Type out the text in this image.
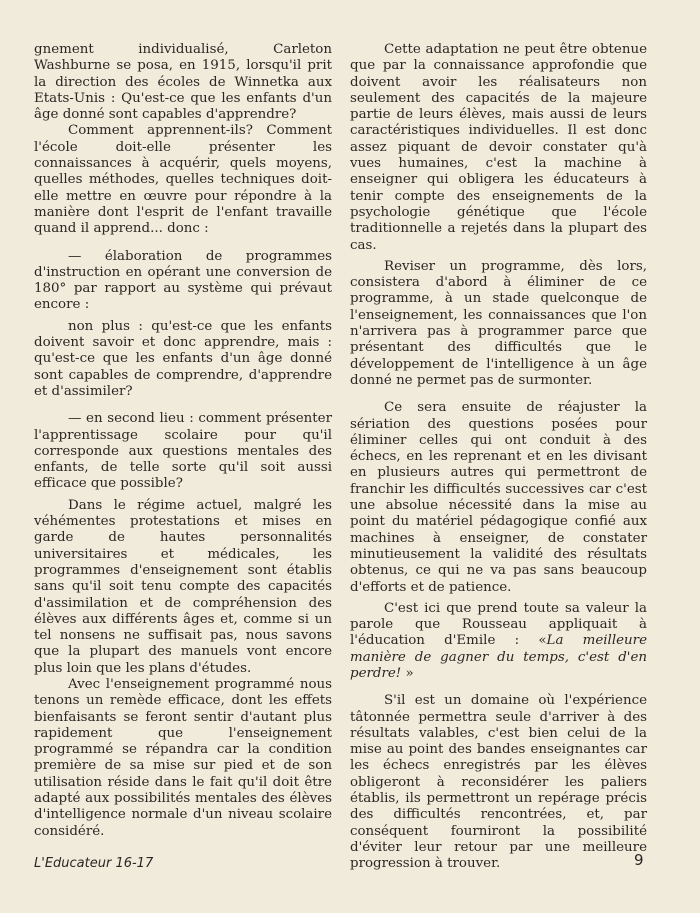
gnement individualisé, Carleton Washburne se posa, en 1915, lorsqu'il prit la direction des écoles de Winnetka aux Etats-Unis : Qu'est-ce que les enfants d'un âge donné sont capables d'apprendre?

Comment apprennent-ils? Comment l'école doit-elle présenter les connaissances à acquérir, quels moyens, quelles méthodes, quelles techniques doit-elle mettre en œuvre pour répondre à la manière dont l'esprit de l'enfant travaille quand il apprend... donc :

— élaboration de programmes d'instruction en opérant une conversion de 180° par rapport au système qui prévaut encore :

non plus : qu'est-ce que les enfants doivent savoir et donc apprendre, mais : qu'est-ce que les enfants d'un âge donné sont capables de comprendre, d'apprendre et d'assimiler?

— en second lieu : comment présenter l'apprentissage scolaire pour qu'il corresponde aux questions mentales des enfants, de telle sorte qu'il soit aussi efficace que possible?

Dans le régime actuel, malgré les véhémentes protestations et mises en garde de hautes personnalités universitaires et médicales, les programmes d'enseignement sont établis sans qu'il soit tenu compte des capacités d'assimilation et de compréhension des élèves aux différents âges et, comme si un tel nonsens ne suffisait pas, nous savons que la plupart des manuels vont encore plus loin que les plans d'études.

Avec l'enseignement programmé nous tenons un remède efficace, dont les effets bienfaisants se feront sentir d'autant plus rapidement que l'enseignement programmé se répandra car la condition première de sa mise sur pied et de son utilisation réside dans le fait qu'il doit être adapté aux possibilités mentales des élèves d'intelligence normale d'un niveau scolaire considéré.

Cette adaptation ne peut être obtenue que par la connaissance approfondie que doivent avoir les réalisateurs non seulement des capacités de la majeure partie de leurs élèves, mais aussi de leurs caractéristiques individuelles. Il est donc assez piquant de devoir constater qu'à vues humaines, c'est la machine à enseigner qui obligera les éducateurs à tenir compte des enseignements de la psychologie génétique que l'école traditionnelle a rejetés dans la plupart des cas.

Reviser un programme, dès lors, consistera d'abord à éliminer de ce programme, à un stade quelconque de l'enseignement, les connaissances que l'on n'arrivera pas à programmer parce que présentant des difficultés que le développement de l'intelligence à un âge donné ne permet pas de surmonter.

Ce sera ensuite de réajuster la sériation des questions posées pour éliminer celles qui ont conduit à des échecs, en les reprenant et en les divisant en plusieurs autres qui permettront de franchir les difficultés successives car c'est une absolue nécessité dans la mise au point du matériel pédagogique confié aux machines à enseigner, de constater minutieusement la validité des résultats obtenus, ce qui ne va pas sans beaucoup d'efforts et de patience.

C'est ici que prend toute sa valeur la parole que Rousseau appliquait à l'éducation d'Emile : «La meilleure manière de gagner du temps, c'est d'en perdre! »

S'il est un domaine où l'expérience tâtonnée permettra seule d'arriver à des résultats valables, c'est bien celui de la mise au point des bandes enseignantes car les échecs enregistrés par les élèves obligeront à reconsidérer les paliers établis, ils permettront un repérage précis des difficultés rencontrées, et, par conséquent fourniront la possibilité d'éviter leur retour par une meilleure progression à trouver.

L'Educateur 16-17	9
